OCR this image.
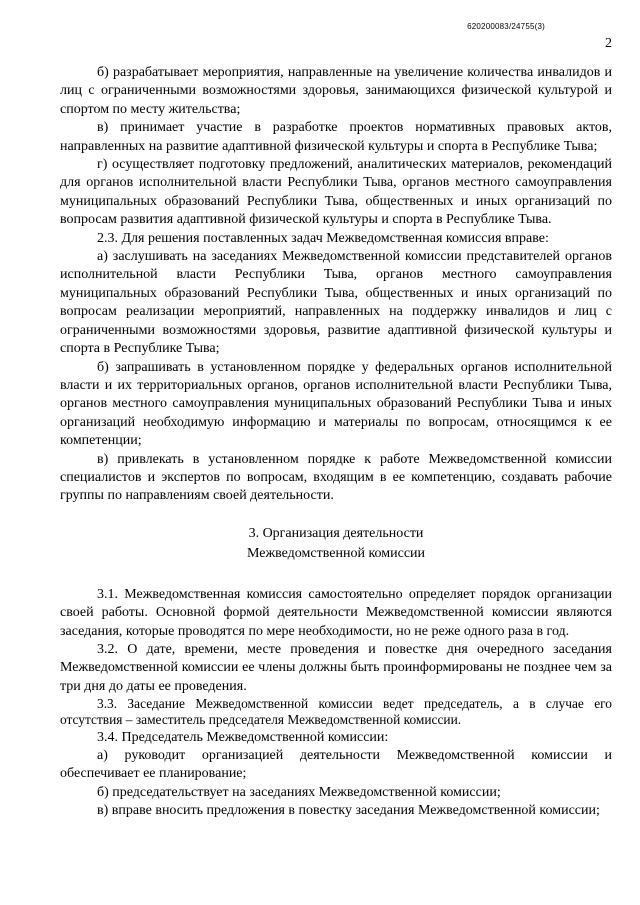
620200083/24755(3)
2

б) разрабатывает мероприятия, направленные на увеличение количества инвалидов и лиц с ограниченными возможностями здоровья, занимающихся физической культурой и спортом по месту жительства;

в) принимает участие в разработке проектов нормативных правовых актов, направленных на развитие адаптивной физической культуры и спорта в Республике Тыва;

г) осуществляет подготовку предложений, аналитических материалов, рекомендаций для органов исполнительной власти Республики Тыва, органов местного самоуправления муниципальных образований Республики Тыва, общественных и иных организаций по вопросам развития адаптивной физической культуры и спорта в Республике Тыва.

2.3. Для решения поставленных задач Межведомственная комиссия вправе:

а) заслушивать на заседаниях Межведомственной комиссии представителей органов исполнительной власти Республики Тыва, органов местного самоуправления муниципальных образований Республики Тыва, общественных и иных организаций по вопросам реализации мероприятий, направленных на поддержку инвалидов и лиц с ограниченными возможностями здоровья, развитие адаптивной физической культуры и спорта в Республике Тыва;

б) запрашивать в установленном порядке у федеральных органов исполнительной власти и их территориальных органов, органов исполнительной власти Республики Тыва, органов местного самоуправления муниципальных образований Республики Тыва и иных организаций необходимую информацию и материалы по вопросам, относящимся к ее компетенции;

в) привлекать в установленном порядке к работе Межведомственной комиссии специалистов и экспертов по вопросам, входящим в ее компетенцию, создавать рабочие группы по направлениям своей деятельности.

3. Организация деятельности
Межведомственной комиссии

3.1. Межведомственная комиссия самостоятельно определяет порядок организации своей работы. Основной формой деятельности Межведомственной комиссии являются заседания, которые проводятся по мере необходимости, но не реже одного раза в год.

3.2. О дате, времени, месте проведения и повестке дня очередного заседания Межведомственной комиссии ее члены должны быть проинформированы не позднее чем за три дня до даты ее проведения.

3.3. Заседание Межведомственной комиссии ведет председатель, а в случае его отсутствия – заместитель председателя Межведомственной комиссии.

3.4. Председатель Межведомственной комиссии:

а) руководит организацией деятельности Межведомственной комиссии и обеспечивает ее планирование;

б) председательствует на заседаниях Межведомственной комиссии;

в) вправе вносить предложения в повестку заседания Межведомственной комиссии;
